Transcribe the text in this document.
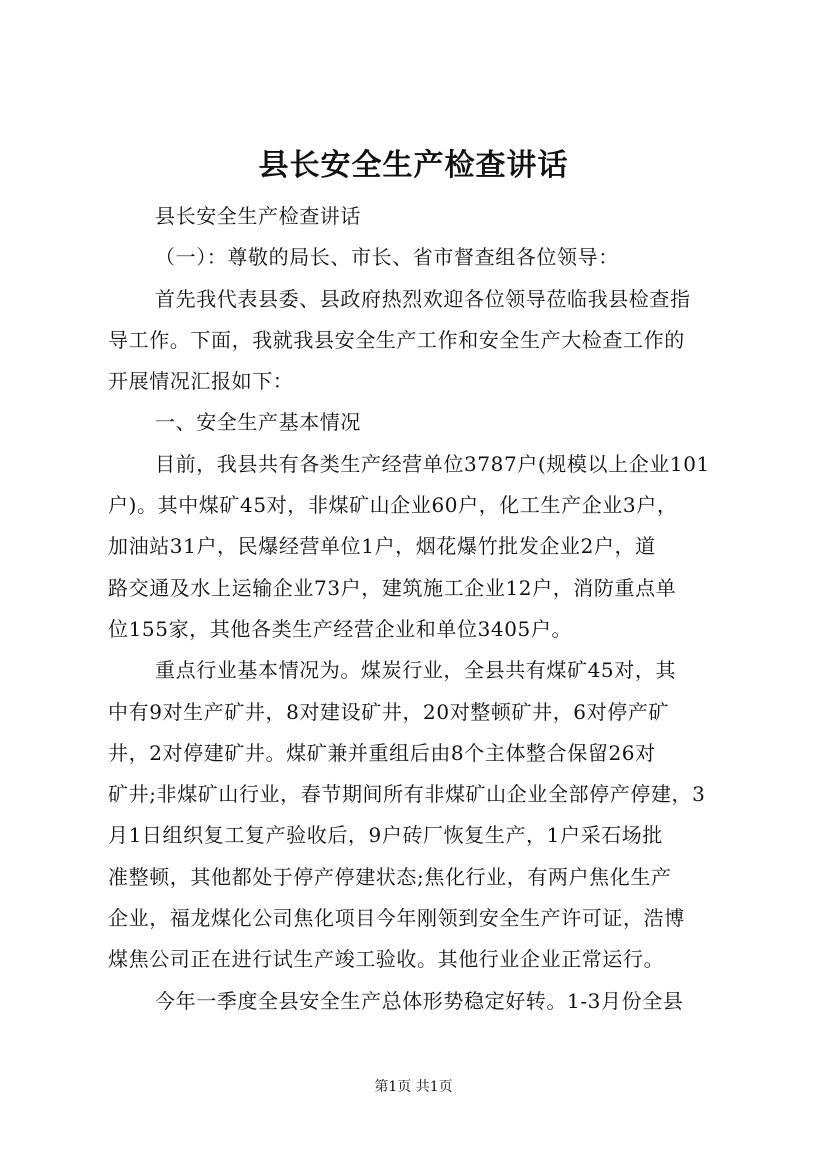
县长安全生产检查讲话
县长安全生产检查讲话
（一）：尊敬的局长、市长、省市督查组各位领导：
首先我代表县委、县政府热烈欢迎各位领导莅临我县检查指
导工作。下面，我就我县安全生产工作和安全生产大检查工作的
开展情况汇报如下：
一、安全生产基本情况
目前，我县共有各类生产经营单位3787户(规模以上企业101
户)。其中煤矿45对，非煤矿山企业60户，化工生产企业3户，
加油站31户，民爆经营单位1户，烟花爆竹批发企业2户，道
路交通及水上运输企业73户，建筑施工企业12户，消防重点单
位155家，其他各类生产经营企业和单位3405户。
重点行业基本情况为。煤炭行业，全县共有煤矿45对，其
中有9对生产矿井，8对建设矿井，20对整顿矿井，6对停产矿
井，2对停建矿井。煤矿兼并重组后由8个主体整合保留26对
矿井;非煤矿山行业，春节期间所有非煤矿山企业全部停产停建，3
月1日组织复工复产验收后，9户砖厂恢复生产，1户采石场批
准整顿，其他都处于停产停建状态;焦化行业，有两户焦化生产
企业，福龙煤化公司焦化项目今年刚领到安全生产许可证，浩博
煤焦公司正在进行试生产竣工验收。其他行业企业正常运行。
今年一季度全县安全生产总体形势稳定好转。1-3月份全县
第1页 共1页
